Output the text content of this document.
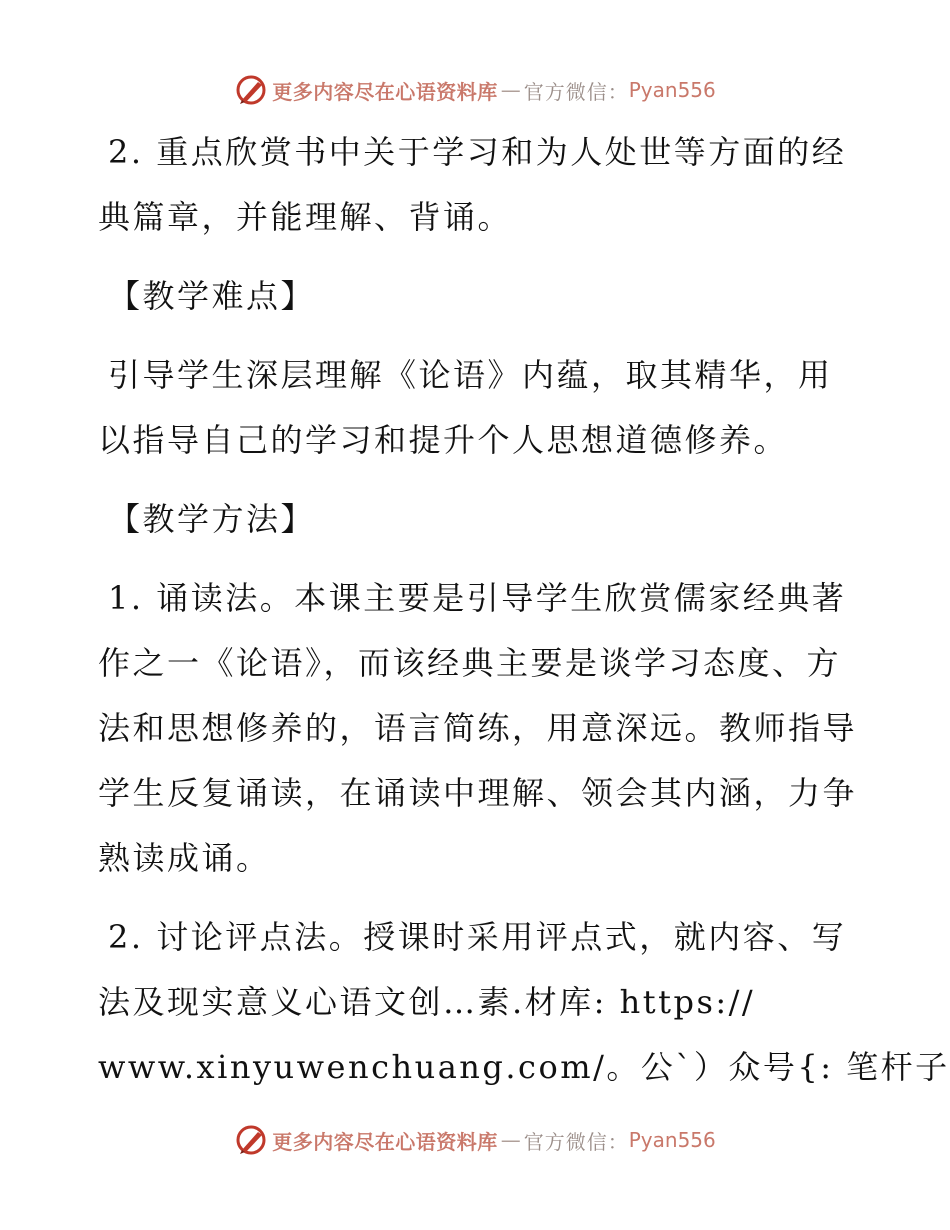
更多内容尽在心语资料库 — 官方微信： Pyan556
2. 重点欣赏书中关于学习和为人处世等方面的经
典篇章，并能理解、背诵。
【教学难点】
引导学生深层理解《论语》内蕴，取其精华，用
以指导自己的学习和提升个人思想道德修养。
【教学方法】
1. 诵读法。本课主要是引导学生欣赏儒家经典著
作之一《论语》，而该经典主要是谈学习态度、方
法和思想修养的，语言简练，用意深远。教师指导
学生反复诵读，在诵读中理解、领会其内涵，力争
熟读成诵。
2. 讨论评点法。授课时采用评点式，就内容、写
法及现实意义心语文创…素.材库: https://
www.xinyuwenchuang.com/。公`）众号{: 笔杆子
更多内容尽在心语资料库 — 官方微信： Pyan556
